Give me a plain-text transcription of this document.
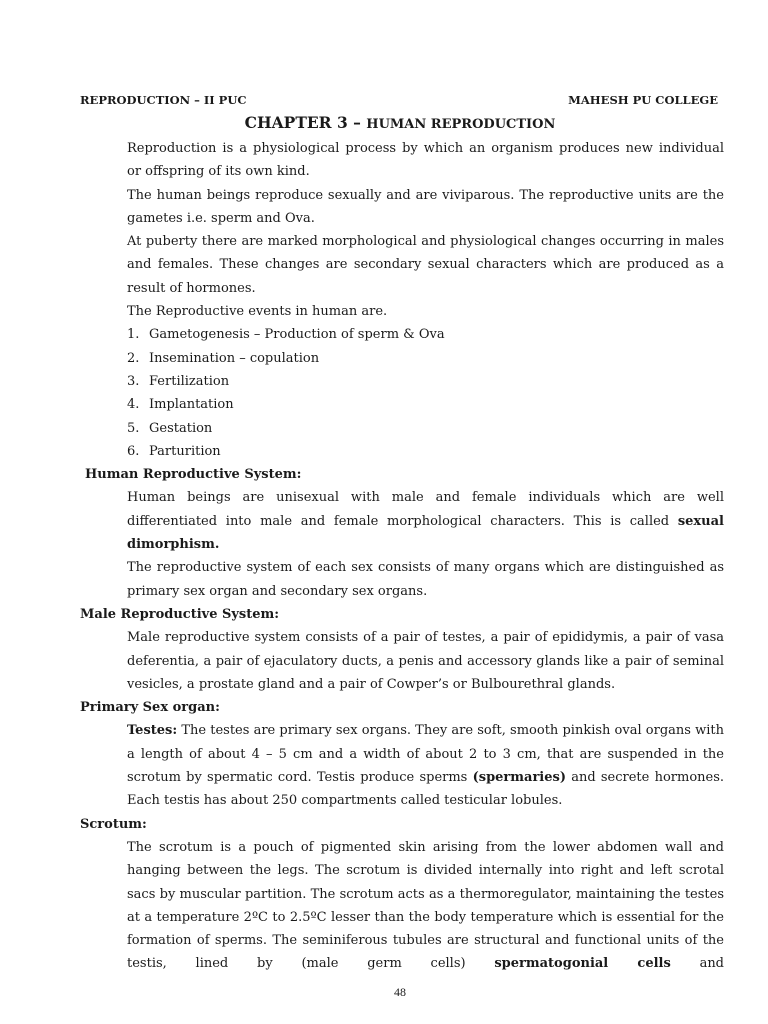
REPRODUCTION – II PUC	MAHESH PU COLLEGE
CHAPTER 3 – HUMAN REPRODUCTION
Reproduction is a physiological process by which an organism produces new individual
or offspring of its own kind.
The human beings reproduce sexually and are viviparous. The reproductive units are the gametes i.e. sperm and Ova.
At puberty there are marked morphological and physiological changes occurring in males and females. These changes are secondary sexual characters which are produced as a result of hormones.
The Reproductive events in human are.
1. Gametogenesis – Production of sperm & Ova
2. Insemination – copulation
3. Fertilization
4. Implantation
5. Gestation
6. Parturition
Human Reproductive System:
Human beings are unisexual with male and female individuals which are well differentiated into male and female morphological characters. This is called sexual dimorphism.
The reproductive system of each sex consists of many organs which are distinguished as primary sex organ and secondary sex organs.
Male Reproductive System:
Male reproductive system consists of a pair of testes, a pair of epididymis, a pair of vasa deferentia, a pair of ejaculatory ducts, a penis and accessory glands like a pair of seminal vesicles, a prostate gland and a pair of Cowper’s or Bulbourethral glands.
Primary Sex organ:
Testes: The testes are primary sex organs. They are soft, smooth pinkish oval organs with a length of about 4 – 5 cm and a width of about 2 to 3 cm, that are suspended in the scrotum by spermatic cord. Testis produce sperms (spermaries) and secrete hormones. Each testis has about 250 compartments called testicular lobules.
Scrotum:
The scrotum is a pouch of pigmented skin arising from the lower abdomen wall and hanging between the legs. The scrotum is divided internally into right and left scrotal sacs by muscular partition. The scrotum acts as a thermoregulator, maintaining the testes at a temperature 2ºC to 2.5ºC lesser than the body temperature which is essential for the formation of sperms. The seminiferous tubules are structural and functional units of the testis, lined by (male germ cells) spermatogonial cells and
48
